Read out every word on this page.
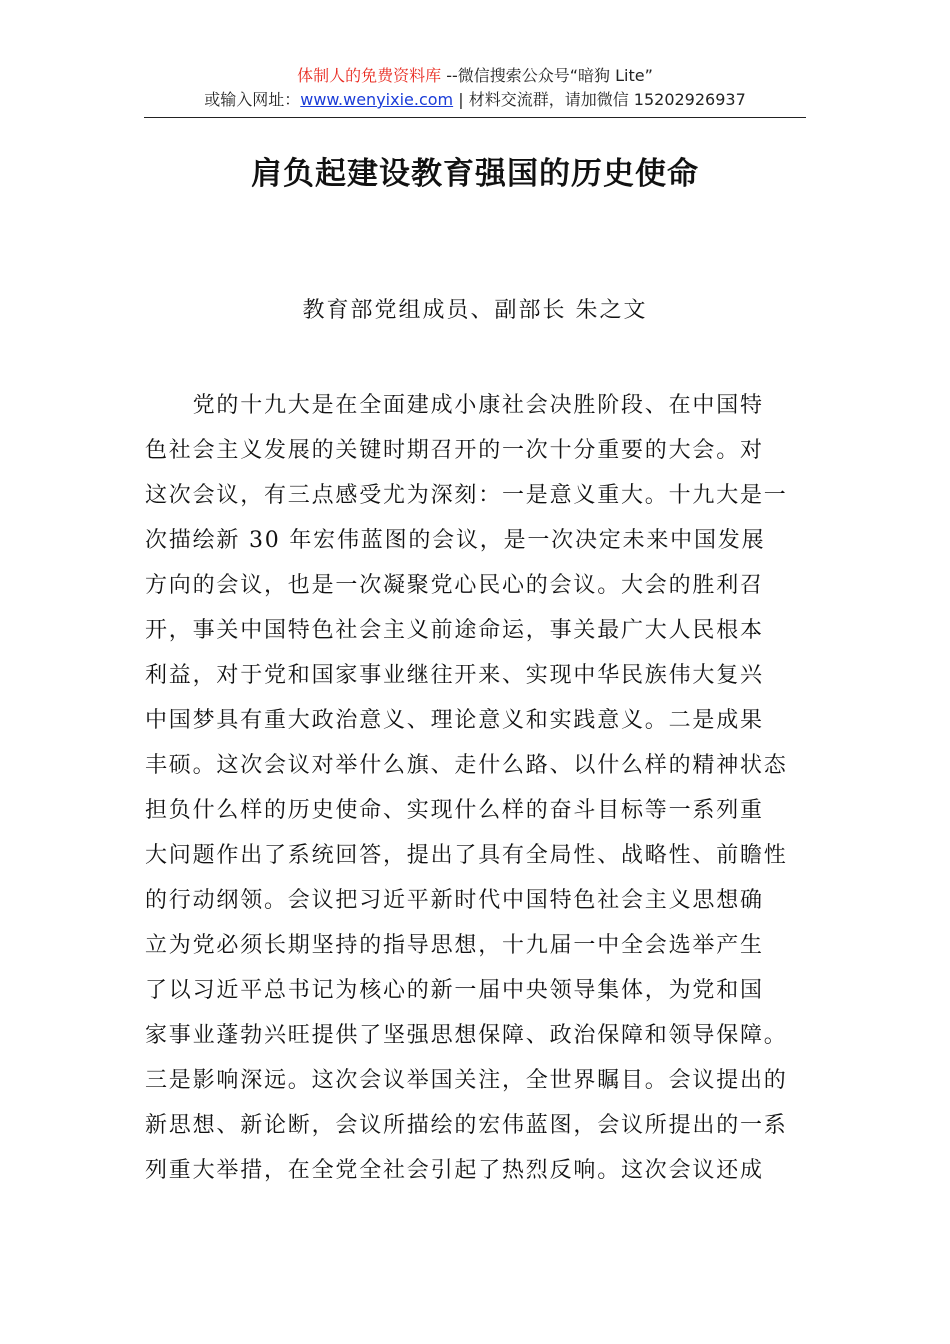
体制人的免费资料库 --微信搜索公众号“暗狗 Lite”
或输入网址：www.wenyixie.com | 材料交流群，请加微信 15202926937
肩负起建设教育强国的历史使命
教育部党组成员、副部长 朱之文
　　党的十九大是在全面建成小康社会决胜阶段、在中国特
色社会主义发展的关键时期召开的一次十分重要的大会。对
这次会议，有三点感受尤为深刻：一是意义重大。十九大是一
次描绘新 30 年宏伟蓝图的会议，是一次决定未来中国发展
方向的会议，也是一次凝聚党心民心的会议。大会的胜利召
开，事关中国特色社会主义前途命运，事关最广大人民根本
利益，对于党和国家事业继往开来、实现中华民族伟大复兴
中国梦具有重大政治意义、理论意义和实践意义。二是成果
丰硕。这次会议对举什么旗、走什么路、以什么样的精神状态
担负什么样的历史使命、实现什么样的奋斗目标等一系列重
大问题作出了系统回答，提出了具有全局性、战略性、前瞻性
的行动纲领。会议把习近平新时代中国特色社会主义思想确
立为党必须长期坚持的指导思想，十九届一中全会选举产生
了以习近平总书记为核心的新一届中央领导集体，为党和国
家事业蓬勃兴旺提供了坚强思想保障、政治保障和领导保障。
三是影响深远。这次会议举国关注，全世界瞩目。会议提出的
新思想、新论断，会议所描绘的宏伟蓝图，会议所提出的一系
列重大举措，在全党全社会引起了热烈反响。这次会议还成
